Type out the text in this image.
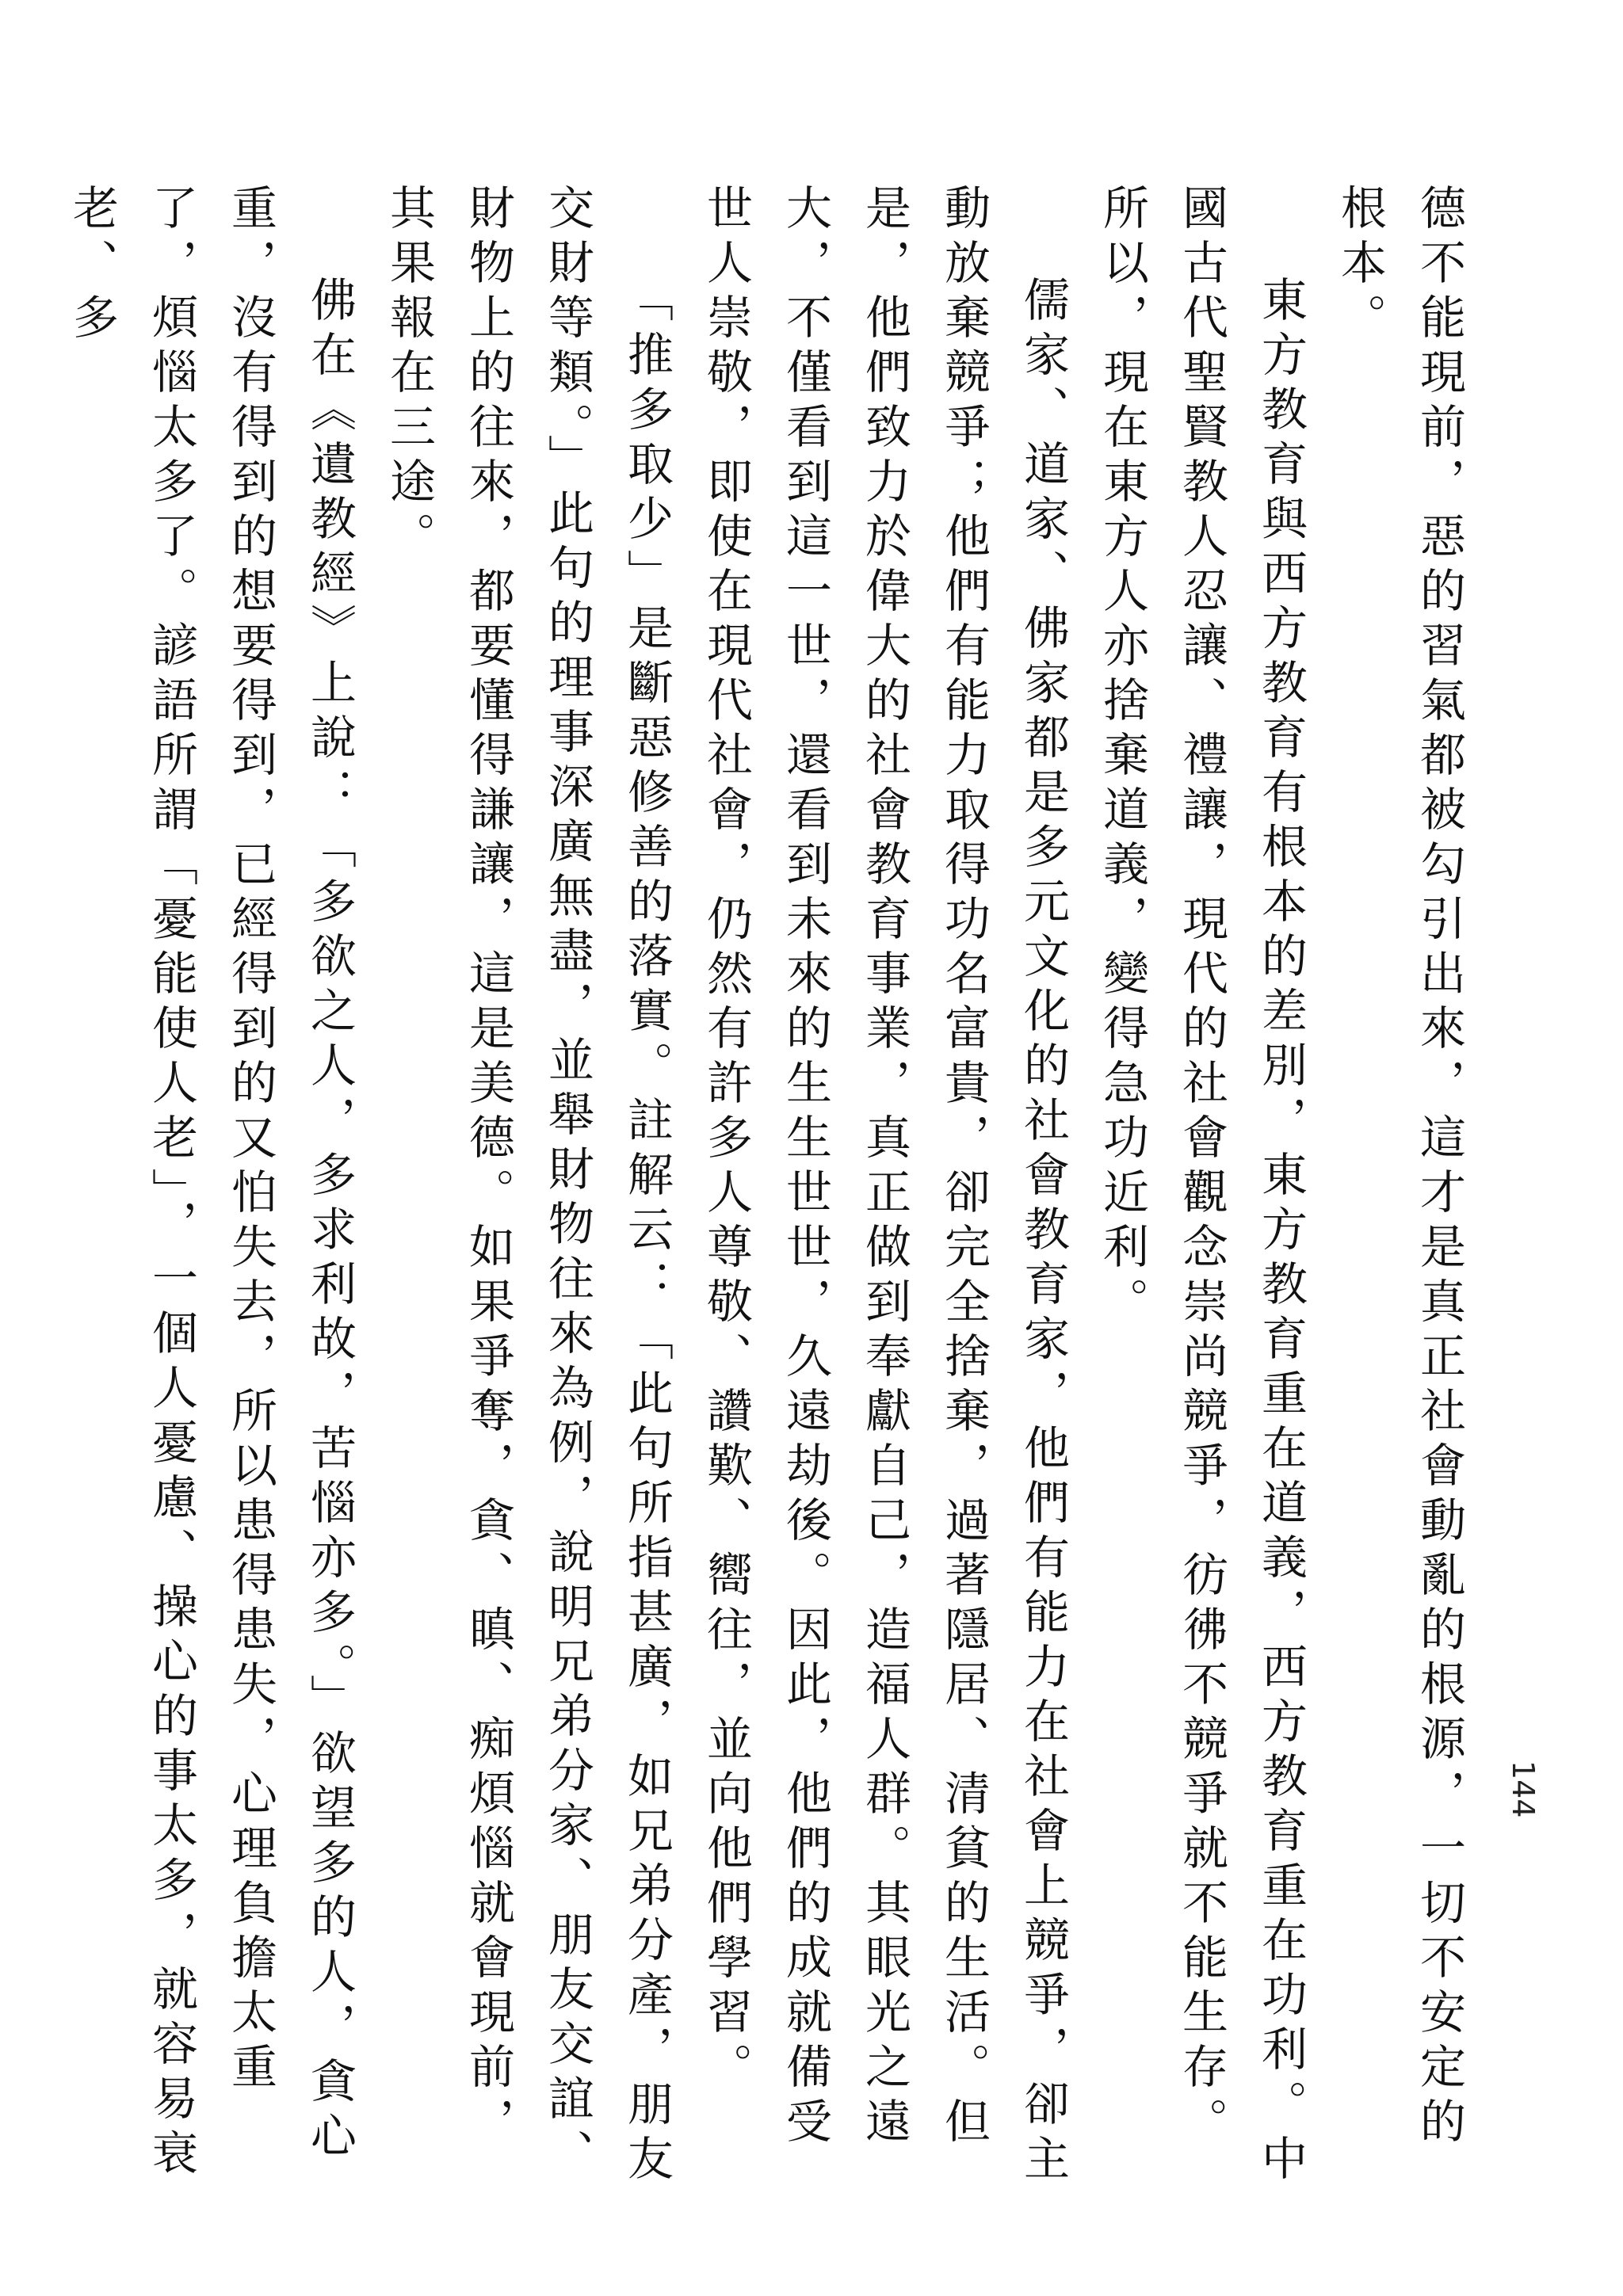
144

德不能現前，惡的習氣都被勾引出來，這才是真正社會動亂的根源，一切不安定的根本。

東方教育與西方教育有根本的差別，東方教育重在道義，西方教育重在功利。中國古代聖賢教人忍讓、禮讓，現代的社會觀念崇尚競爭，彷彿不競爭就不能生存。所以，現在東方人亦捨棄道義，變得急功近利。

儒家、道家、佛家都是多元文化的社會教育家，他們有能力在社會上競爭，卻主動放棄競爭；他們有能力取得功名富貴，卻完全捨棄，過著隱居、清貧的生活。但是，他們致力於偉大的社會教育事業，真正做到奉獻自己，造福人群。其眼光之遠大，不僅看到這一世，還看到未來的生生世世，久遠劫後。因此，他們的成就備受世人崇敬，即使在現代社會，仍然有許多人尊敬、讚歎、嚮往，並向他們學習。

「推多取少」是斷惡修善的落實。註解云：「此句所指甚廣，如兄弟分產，朋友交財等類。」此句的理事深廣無盡，並舉財物往來為例，說明兄弟分家、朋友交誼、財物上的往來，都要懂得謙讓，這是美德。如果爭奪，貪、瞋、痴煩惱就會現前，其果報在三途。

佛在《遺教經》上說：「多欲之人，多求利故，苦惱亦多。」欲望多的人，貪心重，沒有得到的想要得到，已經得到的又怕失去，所以患得患失，心理負擔太重了，煩惱太多了。諺語所謂「憂能使人老」，一個人憂慮、操心的事太多，就容易衰老、多
